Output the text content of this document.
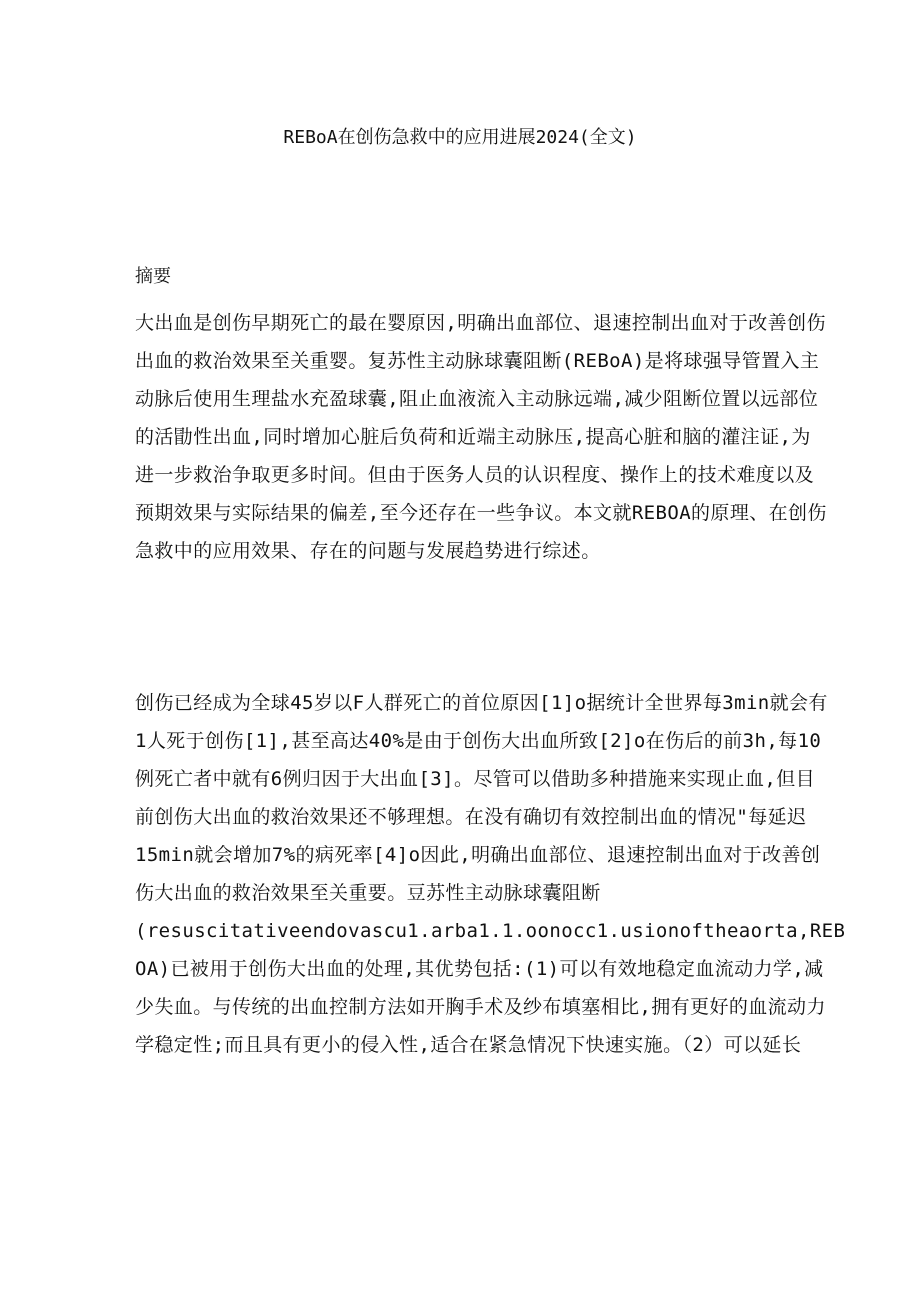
REBoA在创伤急救中的应用进展2024(全文)
摘要

大出血是创伤早期死亡的最在婴原因,明确出血部位、退速控制出血对于改善创伤
出血的救治效果至关重婴。复苏性主动脉球囊阻断(REBoA)是将球强导管置入主
动脉后使用生理盐水充盈球囊,阻止血液流入主动脉远端,减少阻断位置以远部位
的活勖性出血,同时增加心脏后负荷和近端主动脉压,提高心脏和脑的灌注证,为
进一步救治争取更多时间。但由于医务人员的认识程度、操作上的技术难度以及
预期效果与实际结果的偏差,至今还存在一些争议。本文就REBOA的原理、在创伤
急救中的应用效果、存在的问题与发展趋势进行综述。

创伤已经成为全球45岁以F人群死亡的首位原因[1]o据统计全世界每3min就会有
1人死于创伤[1],甚至高达40%是由于创伤大出血所致[2]o在伤后的前3h,每10
例死亡者中就有6例归因于大出血[3]。尽管可以借助多种措施来实现止血,但目
前创伤大出血的救治效果还不够理想。在没有确切有效控制出血的情况"每延迟
15min就会增加7%的病死率[4]o因此,明确出血部位、退速控制出血对于改善创
伤大出血的救治效果至关重要。豆苏性主动脉球囊阻断
(resuscitativeendovascu1.arba1.1.oonocc1.usionoftheaorta,REB
OA)已被用于创伤大出血的处理,其优势包括:(1)可以有效地稳定血流动力学,减
少失血。与传统的出血控制方法如开胸手术及纱布填塞相比,拥有更好的血流动力
学稳定性;而且具有更小的侵入性,适合在紧急情况下快速实施。（2）可以延长
